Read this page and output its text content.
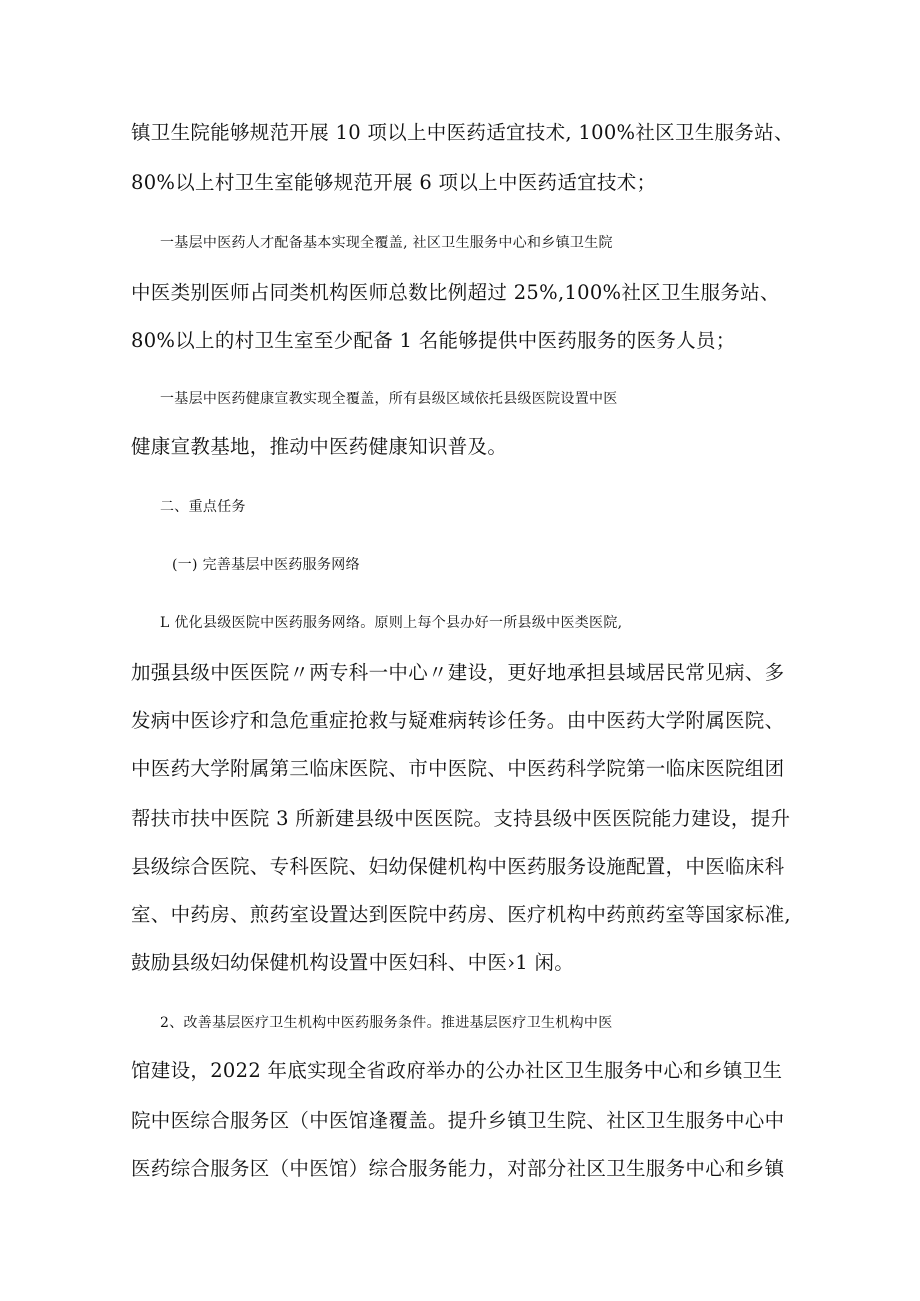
镇卫生院能够规范开展 10 项以上中医药适宜技术, 100%社区卫生服务站、
80%以上村卫生室能够规范开展 6 项以上中医药适宜技术；
一基层中医药人才配备基本实现全覆盖, 社区卫生服务中心和乡镇卫生院
中医类别医师占同类机构医师总数比例超过 25%,100%社区卫生服务站、
80%以上的村卫生室至少配备 1 名能够提供中医药服务的医务人员；
一基层中医药健康宣教实现全覆盖，所有县级区域依托县级医院设置中医
健康宣教基地，推动中医药健康知识普及。
二、重点任务
(一) 完善基层中医药服务网络
L 优化县级医院中医药服务网络。原则上每个县办好一所县级中医类医院,
加强县级中医医院〃两专科一中心〃建设，更好地承担县域居民常见病、多
发病中医诊疗和急危重症抢救与疑难病转诊任务。由中医药大学附属医院、
中医药大学附属第三临床医院、市中医院、中医药科学院第一临床医院组团
帮扶市扶中医院 3 所新建县级中医医院。支持县级中医医院能力建设，提升
县级综合医院、专科医院、妇幼保健机构中医药服务设施配置，中医临床科
室、中药房、煎药室设置达到医院中药房、医疗机构中药煎药室等国家标准,
鼓励县级妇幼保健机构设置中医妇科、中医›1 闲。
2、改善基层医疗卫生机构中医药服务条件。推进基层医疗卫生机构中医
馆建设，2022 年底实现全省政府举办的公办社区卫生服务中心和乡镇卫生
院中医综合服务区（中医馆逢覆盖。提升乡镇卫生院、社区卫生服务中心中
医药综合服务区（中医馆）综合服务能力，对部分社区卫生服务中心和乡镇
